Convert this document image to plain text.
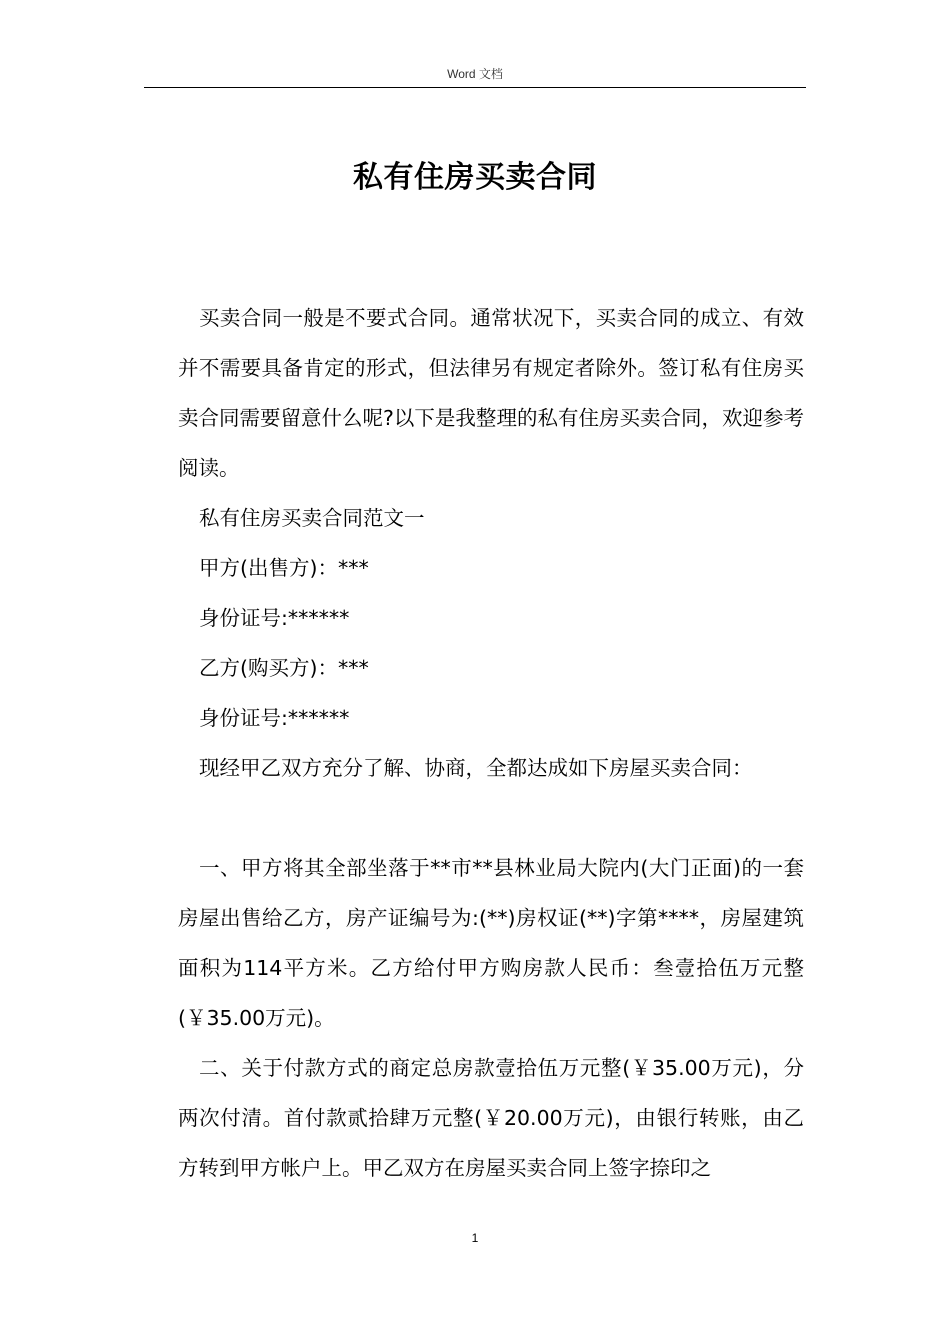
Word 文档
私有住房买卖合同

买卖合同一般是不要式合同。通常状况下，买卖合同的成立、有效并不需要具备肯定的形式，但法律另有规定者除外。签订私有住房买卖合同需要留意什么呢?以下是我整理的私有住房买卖合同，欢迎参考阅读。

私有住房买卖合同范文一

甲方(出售方)：***

身份证号:******

乙方(购买方)：***

身份证号:******

现经甲乙双方充分了解、协商，全都达成如下房屋买卖合同：

一、甲方将其全部坐落于**市**县林业局大院内(大门正面)的一套房屋出售给乙方，房产证编号为:(**)房权证(**)字第****，房屋建筑面积为114平方米。乙方给付甲方购房款人民币：叁壹拾伍万元整(￥35.00万元)。

二、关于付款方式的商定总房款壹拾伍万元整(￥35.00万元)，分两次付清。首付款贰拾肆万元整(￥20.00万元)，由银行转账，由乙方转到甲方帐户上。甲乙双方在房屋买卖合同上签字捺印之

1
